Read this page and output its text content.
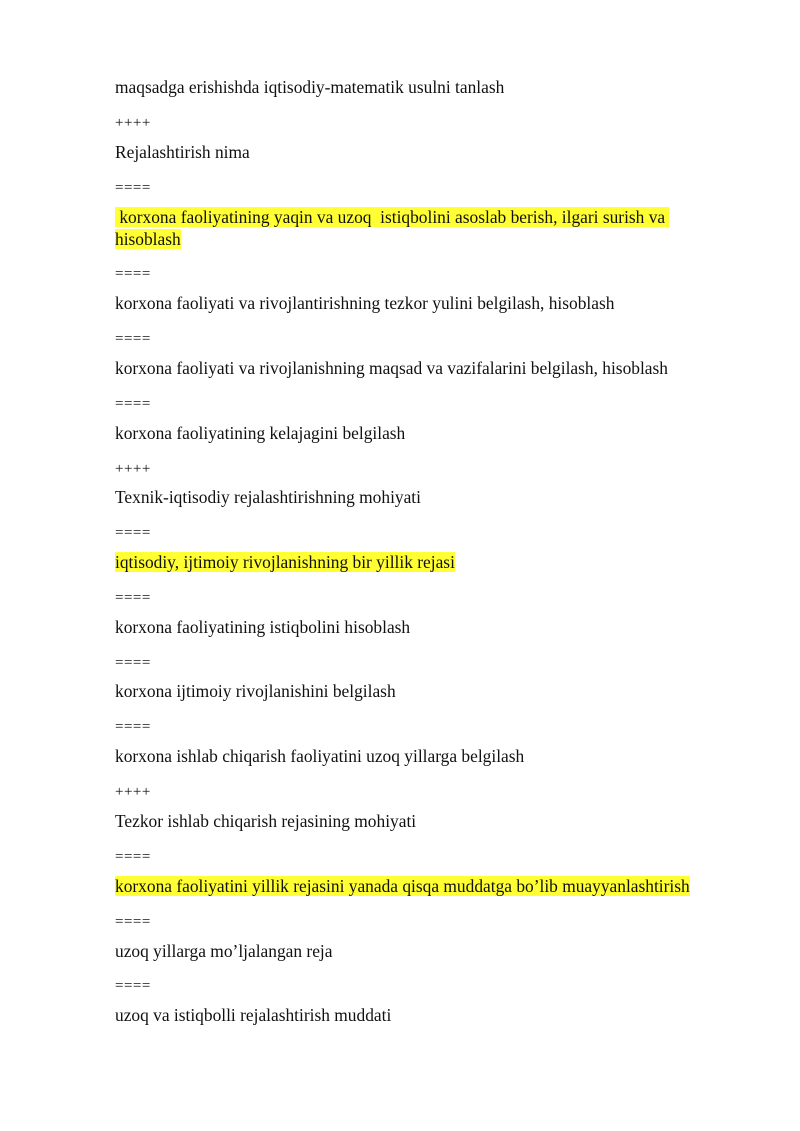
maqsadga erishishda iqtisodiy-matematik usulni tanlash
++++
Rejalashtirish nima
====
korxona faoliyatining yaqin va uzoq  istiqbolini asoslab berish, ilgari surish va
hisoblash
====
korxona faoliyati va rivojlantirishning tezkor yulini belgilash, hisoblash
====
korxona faoliyati va rivojlanishning maqsad va vazifalarini belgilash, hisoblash
====
korxona faoliyatining kelajagini belgilash
++++
Texnik-iqtisodiy rejalashtirishning mohiyati
====
iqtisodiy, ijtimoiy rivojlanishning bir yillik rejasi
====
korxona faoliyatining istiqbolini hisoblash
====
korxona ijtimoiy rivojlanishini belgilash
====
korxona ishlab chiqarish faoliyatini uzoq yillarga belgilash
++++
Tezkor ishlab chiqarish rejasining mohiyati
====
korxona faoliyatini yillik rejasini yanada qisqa muddatga bo’lib muayyanlashtirish
====
uzoq yillarga mo’ljalangan reja
====
uzoq va istiqbolli rejalashtirish muddati
